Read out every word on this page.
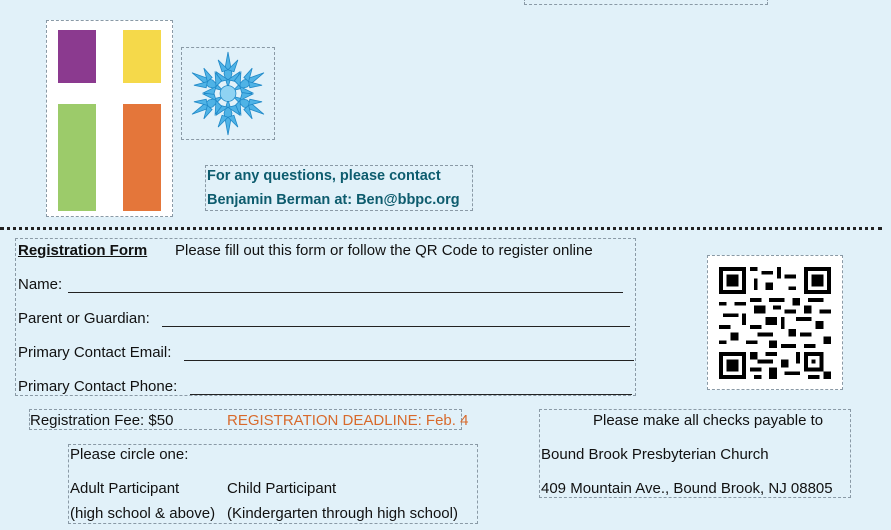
For any questions, please contact
Benjamin Berman at: Ben@bbpc.org
Registration Form Please fill out this form or follow the QR Code to register online
Name:
Parent or Guardian:
Primary Contact Email:
Primary Contact Phone:
Registration Fee: $50	REGISTRATION DEADLINE: Feb. 4
Please circle one:
Adult Participant
(high school & above)
Child Participant
(Kindergarten through high school)
Please make all checks payable to
Bound Brook Presbyterian Church
409 Mountain Ave., Bound Brook, NJ 08805
